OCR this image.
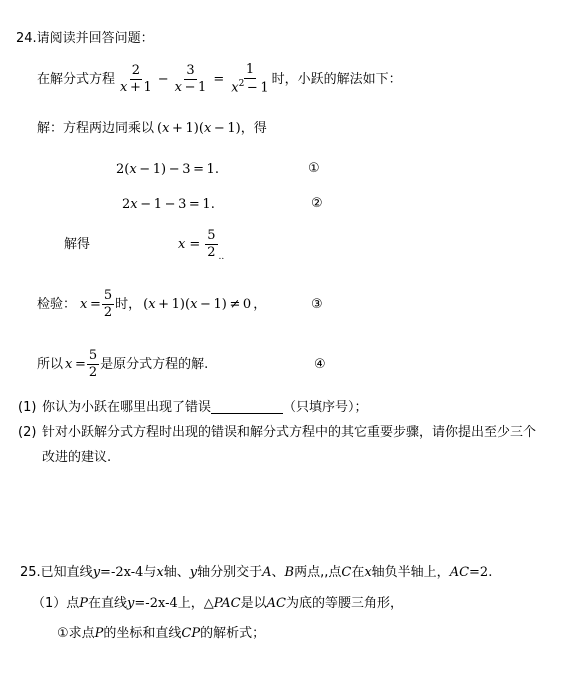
24.请阅读并回答问题：
在解分式方程 $\frac{2}{x + 1} - \frac{3}{x - 1} = \frac{1}{x^2 - 1}$ 时，小跃的解法如下：
解：方程两边同乘以 (x + 1)(x − 1) ，得
2(x − 1) − 3 = 1.	①
2x − 1 − 3 = 1.	②
解得	$x = \frac{5}{2}$ ..
检验： $x = \frac{5}{2}$ 时， (x + 1)(x − 1) ≠ 0 ，	③
所以 $x = \frac{5}{2}$ 是原分式方程的解.	④
(1) 你认为小跃在哪里出现了错误	（只填序号）；
(2) 针对小跃解分式方程时出现的错误和解分式方程中的其它重要步骤，请你提出至少三个
改进的建议.
25.已知直线y=-2x-4与x轴、y轴分别交于A、B两点,,点C在x轴负半轴上，AC=2.
（1）点P在直线y=-2x-4上，△PAC是以AC为底的等腰三角形，
①求点P的坐标和直线CP的解析式；
